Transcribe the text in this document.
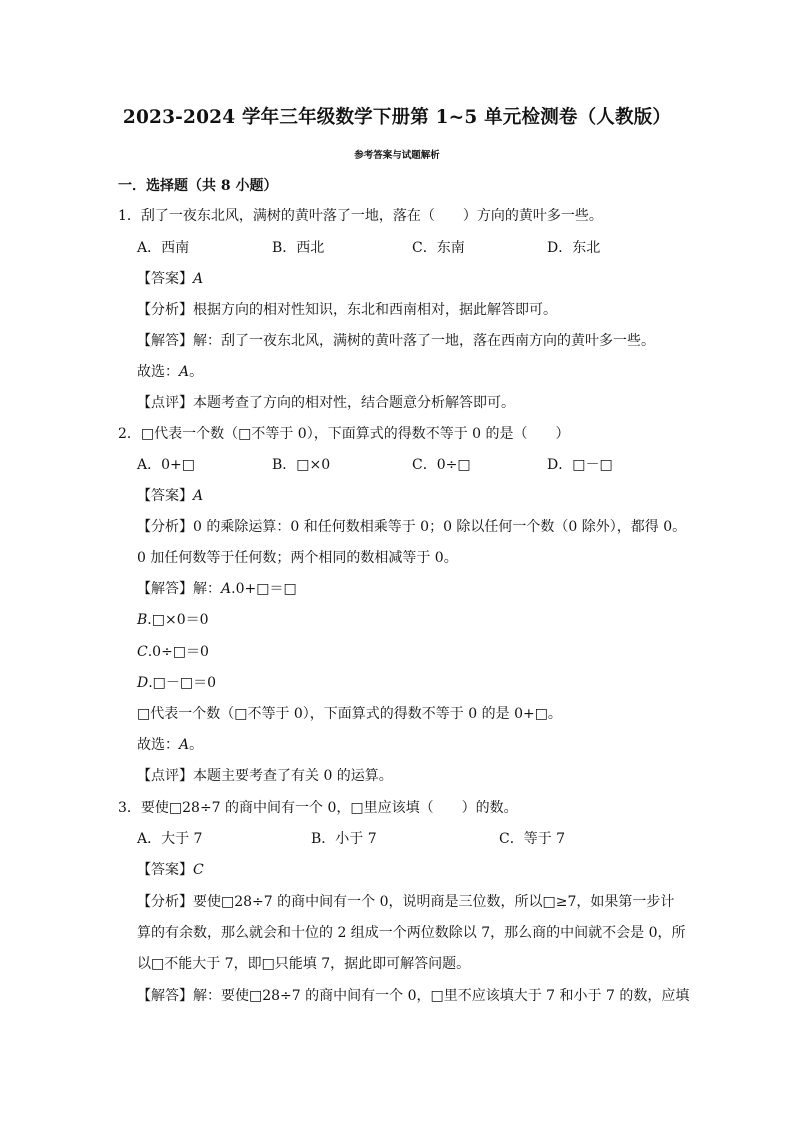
2023-2024 学年三年级数学下册第 1~5 单元检测卷（人教版）
参考答案与试题解析
一．选择题（共 8 小题）
1．刮了一夜东北风，满树的黄叶落了一地，落在（　　）方向的黄叶多一些。
A．西南	B．西北	C．东南	D．东北
【答案】A
【分析】根据方向的相对性知识，东北和西南相对，据此解答即可。
【解答】解：刮了一夜东北风，满树的黄叶落了一地，落在西南方向的黄叶多一些。
故选：A。
【点评】本题考查了方向的相对性，结合题意分析解答即可。
2．□代表一个数（□不等于 0），下面算式的得数不等于 0 的是（　　）
A．0+□	B．□×0	C．0÷□	D．□－□
【答案】A
【分析】0 的乘除运算：0 和任何数相乘等于 0；0 除以任何一个数（0 除外），都得 0。
0 加任何数等于任何数；两个相同的数相减等于 0。
【解答】解：A.0+□＝□
B.□×0＝0
C.0÷□＝0
D.□－□＝0
□代表一个数（□不等于 0），下面算式的得数不等于 0 的是 0+□。
故选：A。
【点评】本题主要考查了有关 0 的运算。
3．要使□28÷7 的商中间有一个 0，□里应该填（　　）的数。
A．大于 7	B．小于 7	C．等于 7
【答案】C
【分析】要使□28÷7 的商中间有一个 0，说明商是三位数，所以□≥7，如果第一步计
算的有余数，那么就会和十位的 2 组成一个两位数除以 7，那么商的中间就不会是 0，所
以□不能大于 7，即□只能填 7，据此即可解答问题。
【解答】解：要使□28÷7 的商中间有一个 0，□里不应该填大于 7 和小于 7 的数，应填
